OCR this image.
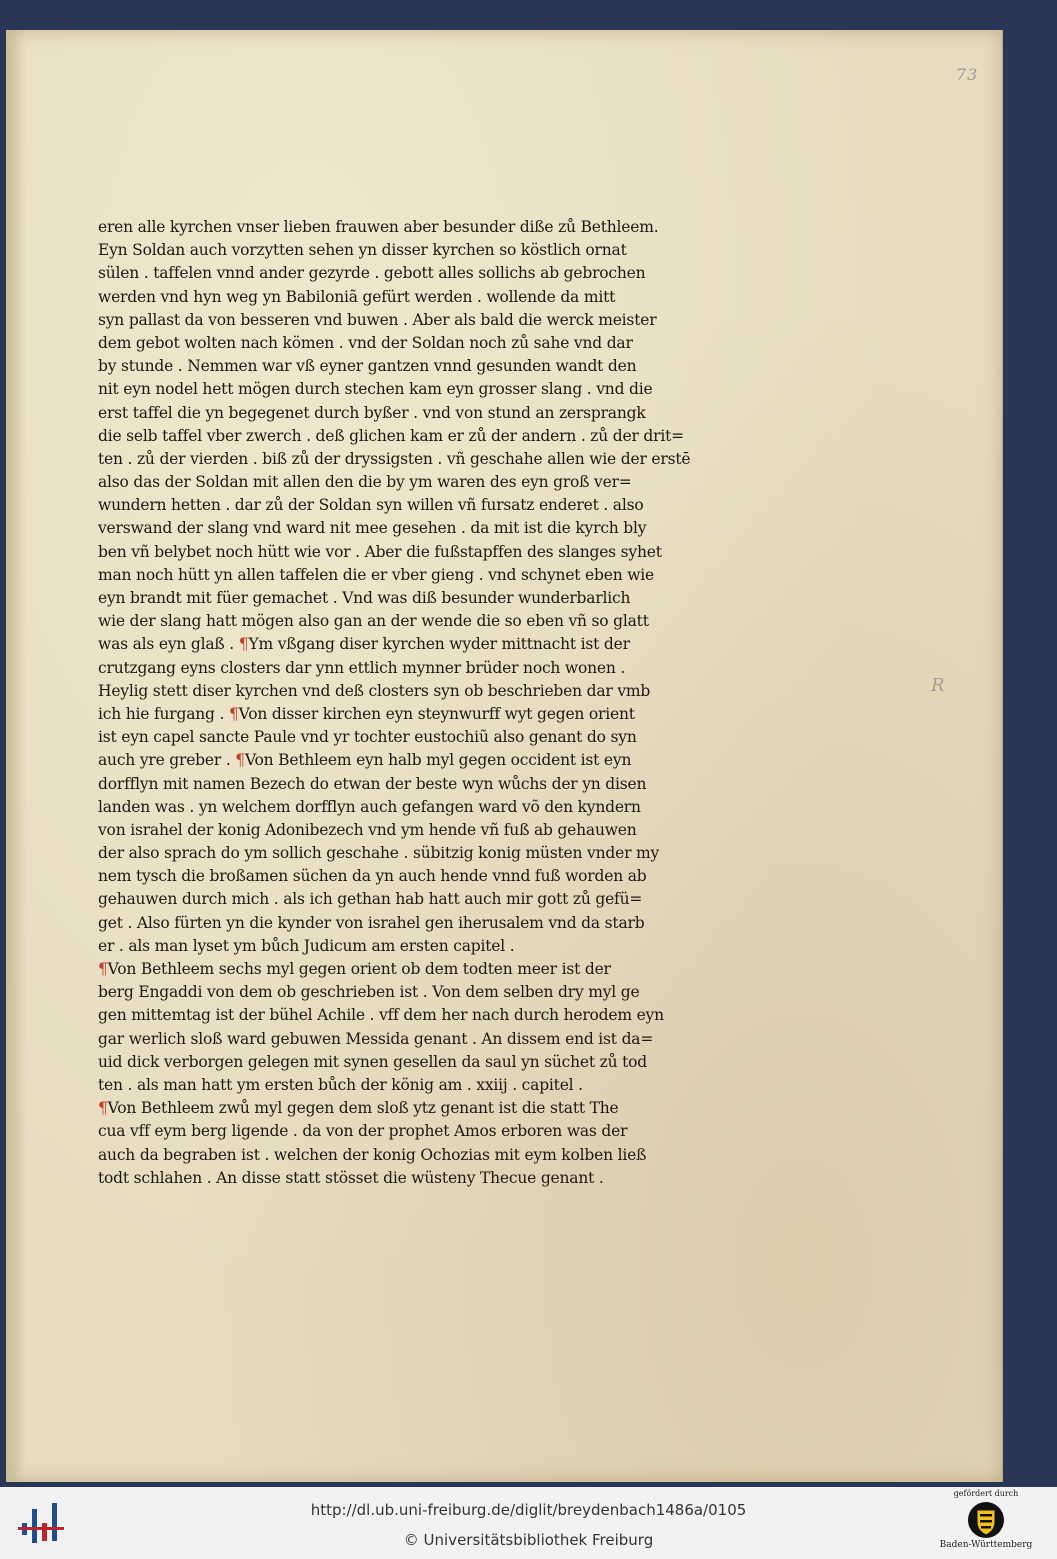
73
R
eren alle kyrchen vnser lieben frauwen aber besunder diße zů Bethleem.
Eyn Soldan auch vorzytten sehen yn disser kyrchen so köstlich ornat
sülen . taffelen vnnd ander gezyrde . gebott alles sollichs ab gebrochen
werden vnd hyn weg yn Babiloniã gefürt werden . wollende da mitt
syn pallast da von besseren vnd buwen . Aber als bald die werck meister
dem gebot wolten nach kömen . vnd der Soldan noch zů sahe vnd dar
by stunde . Nemmen war vß eyner gantzen vnnd gesunden wandt den
nit eyn nodel hett mögen durch stechen kam eyn grosser slang . vnd die
erst taffel die yn begegenet durch byßer . vnd von stund an zersprangk
die selb taffel vber zwerch . deß glichen kam er zů der andern . zů der drit=
ten . zů der vierden . biß zů der dryssigsten . vñ geschahe allen wie der erstē
also das der Soldan mit allen den die by ym waren des eyn groß ver=
wundern hetten . dar zů der Soldan syn willen vñ fursatz enderet . also
verswand der slang vnd ward nit mee gesehen . da mit ist die kyrch bly
ben vñ belybet noch hütt wie vor . Aber die fußstapffen des slanges syhet
man noch hütt yn allen taffelen die er vber gieng . vnd schynet eben wie
eyn brandt mit füer gemachet . Vnd was diß besunder wunderbarlich
wie der slang hatt mögen also gan an der wende die so eben vñ so glatt
was als eyn glaß . ¶Ym vßgang diser kyrchen wyder mittnacht ist der
crutzgang eyns closters dar ynn ettlich mynner brüder noch wonen .
Heylig stett diser kyrchen vnd deß closters syn ob beschrieben dar vmb
ich hie furgang . ¶Von disser kirchen eyn steynwurff wyt gegen orient
ist eyn capel sancte Paule vnd yr tochter eustochiũ also genant do syn
auch yre greber . ¶Von Bethleem eyn halb myl gegen occident ist eyn
dorfflyn mit namen Bezech do etwan der beste wyn wůchs der yn disen
landen was . yn welchem dorfflyn auch gefangen ward võ den kyndern
von israhel der konig Adonibezech vnd ym hende vñ fuß ab gehauwen
der also sprach do ym sollich geschahe . sübitzig konig müsten vnder my
nem tysch die broßamen süchen da yn auch hende vnnd fuß worden ab
gehauwen durch mich . als ich gethan hab hatt auch mir gott zů gefü=
get . Also fürten yn die kynder von israhel gen iherusalem vnd da starb
er . als man lyset ym bůch Judicum am ersten capitel .
¶Von Bethleem sechs myl gegen orient ob dem todten meer ist der
berg Engaddi von dem ob geschrieben ist . Von dem selben dry myl ge
gen mittemtag ist der bühel Achile . vff dem her nach durch herodem eyn
gar werlich sloß ward gebuwen Messida genant . An dissem end ist da=
uid dick verborgen gelegen mit synen gesellen da saul yn süchet zů tod
ten . als man hatt ym ersten bůch der könig am . xxiij . capitel .
¶Von Bethleem zwů myl gegen dem sloß ytz genant ist die statt The
cua vff eym berg ligende . da von der prophet Amos erboren was der
auch da begraben ist . welchen der konig Ochozias mit eym kolben ließ
todt schlahen . An disse statt stösset die wüsteny Thecue genant .
http://dl.ub.uni-freiburg.de/diglit/breydenbach1486a/0105
© Universitätsbibliothek Freiburg
gefördert durch
Baden-Württemberg
